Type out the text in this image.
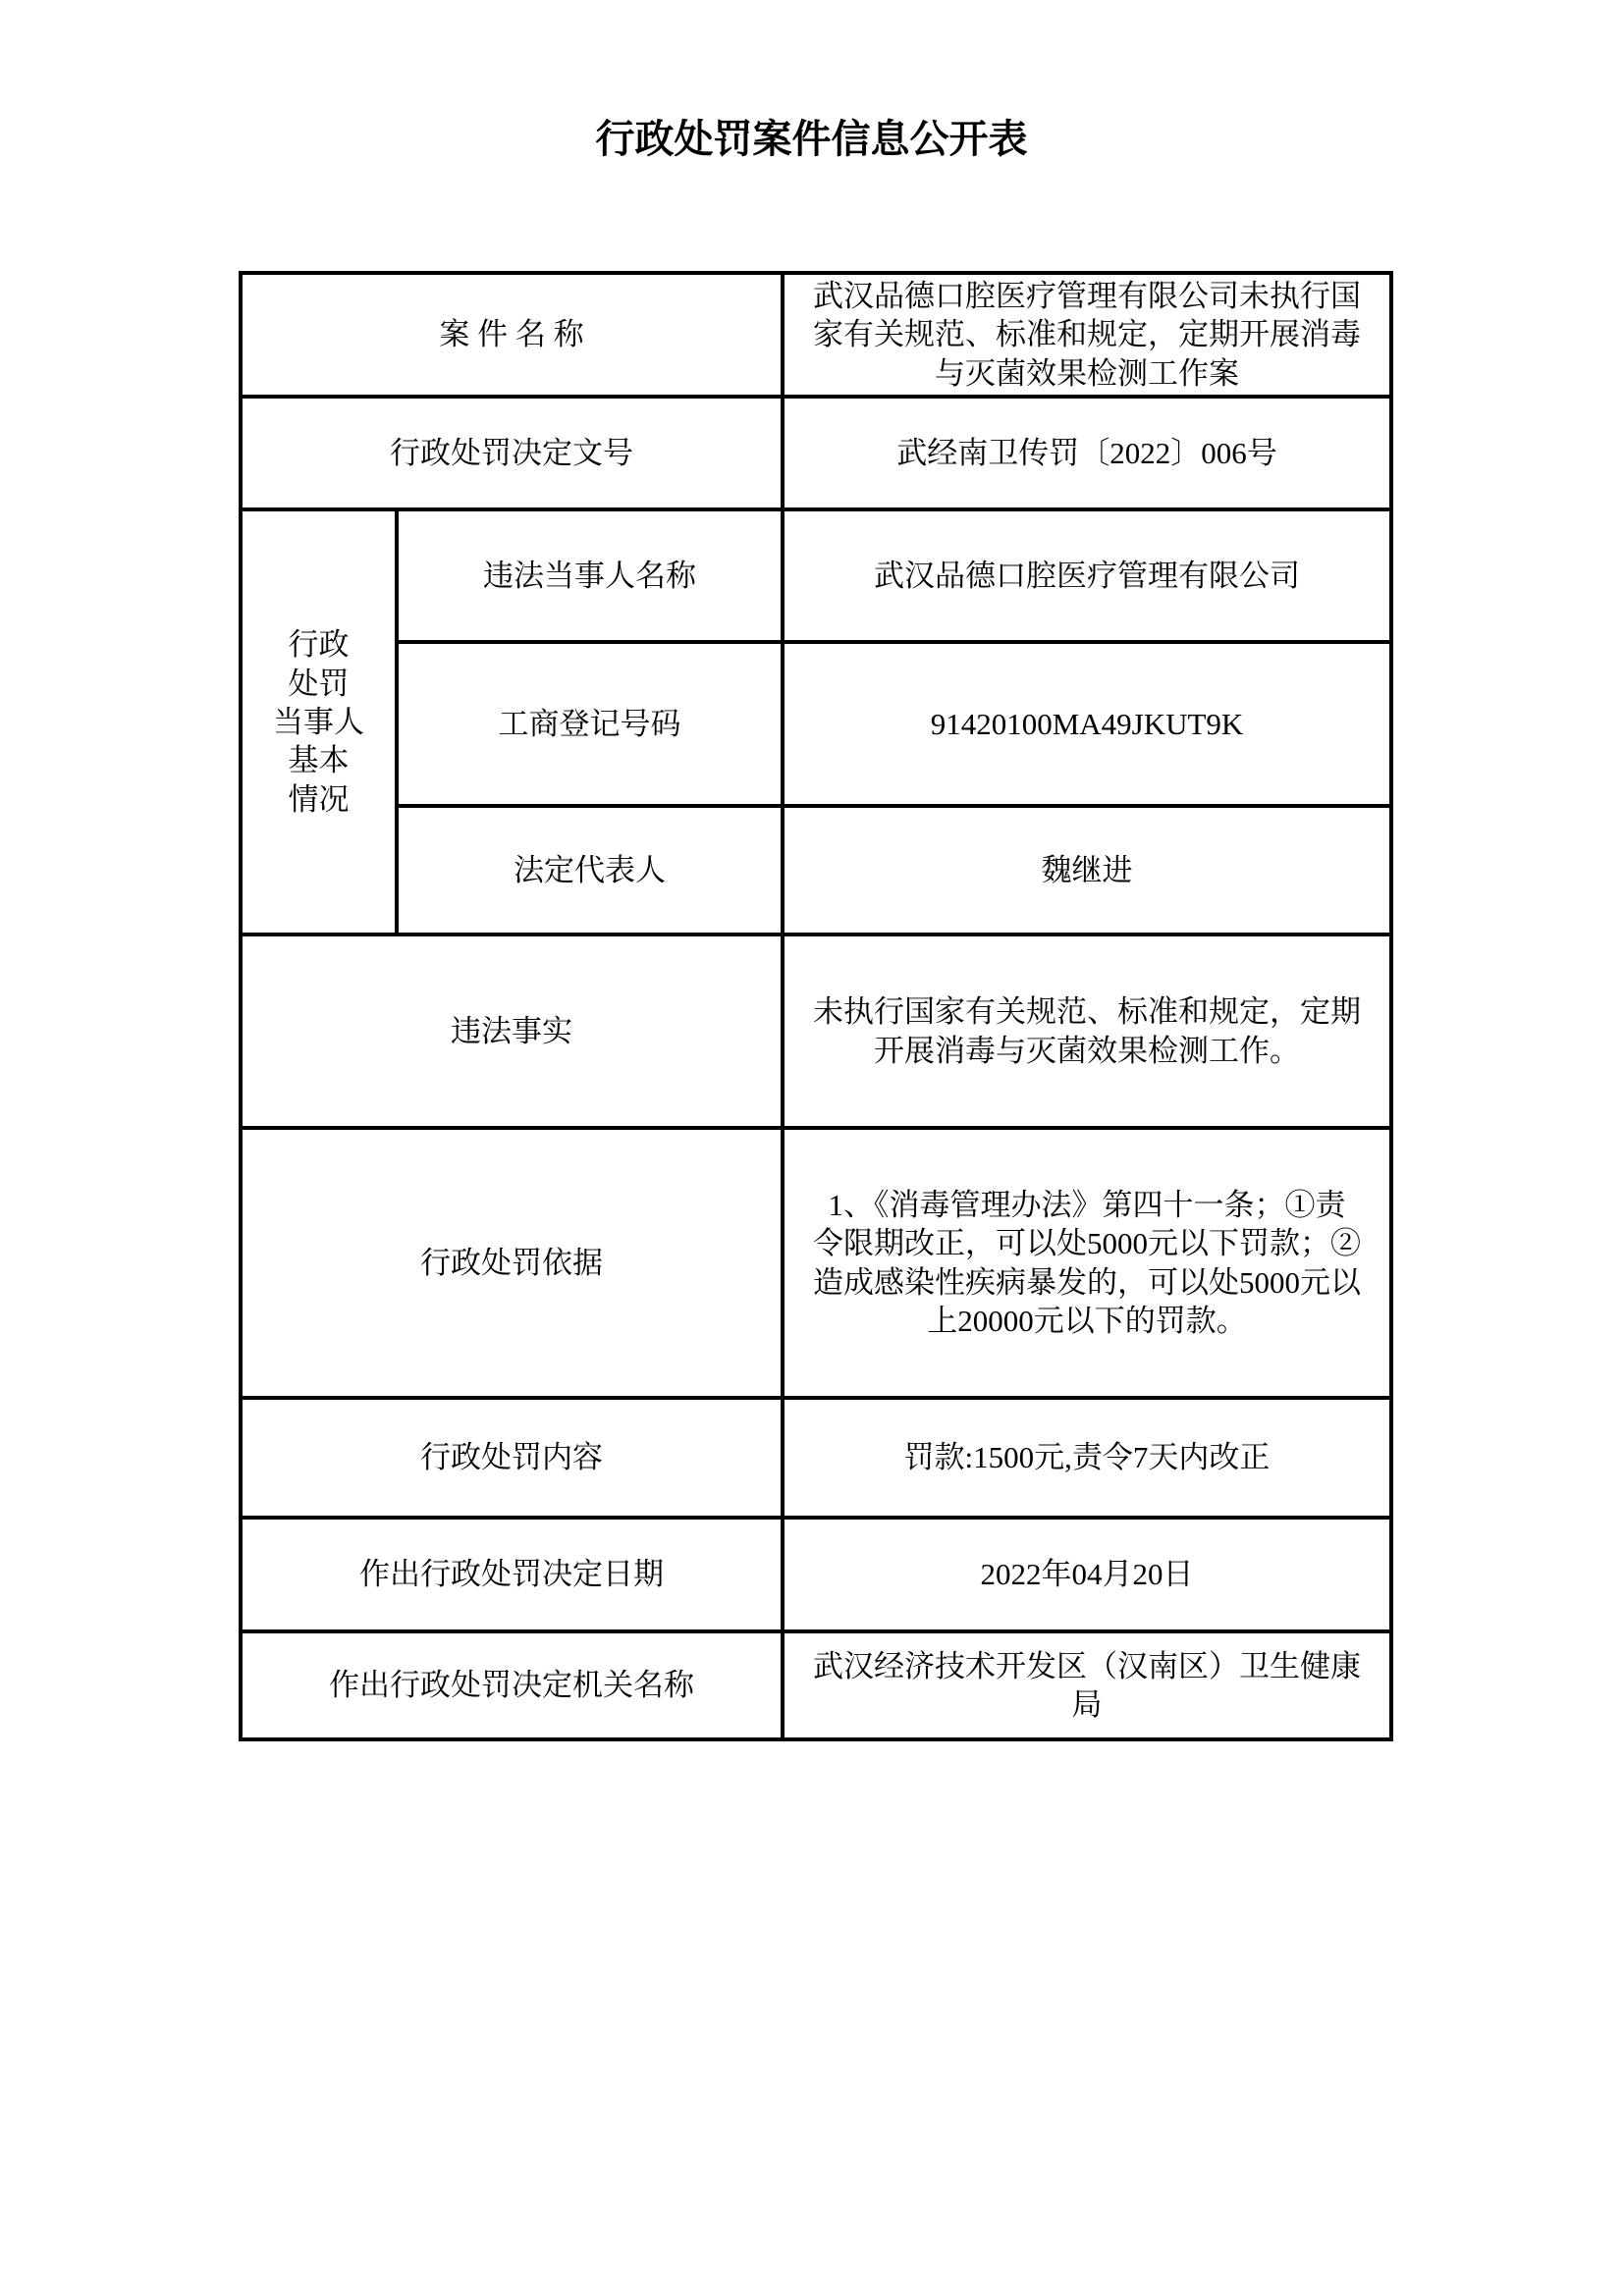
行政处罚案件信息公开表
案 件 名 称		武汉品德口腔医疗管理有限公司未执行国
家有关规范、标准和规定，定期开展消毒
与灭菌效果检测工作案
行政处罚决定文号		武经南卫传罚〔2022〕006号
行政
处罚
当事人
基本
情况	违法当事人名称	武汉品德口腔医疗管理有限公司
	工商登记号码	91420100MA49JKUT9K
	法定代表人	魏继进
违法事实		未执行国家有关规范、标准和规定，定期
开展消毒与灭菌效果检测工作。
行政处罚依据		1、《消毒管理办法》第四十一条；①责
令限期改正，可以处5000元以下罚款；②
造成感染性疾病暴发的，可以处5000元以
上20000元以下的罚款。
行政处罚内容		罚款:1500元,责令7天内改正
作出行政处罚决定日期		2022年04月20日
作出行政处罚决定机关名称		武汉经济技术开发区（汉南区）卫生健康
局
